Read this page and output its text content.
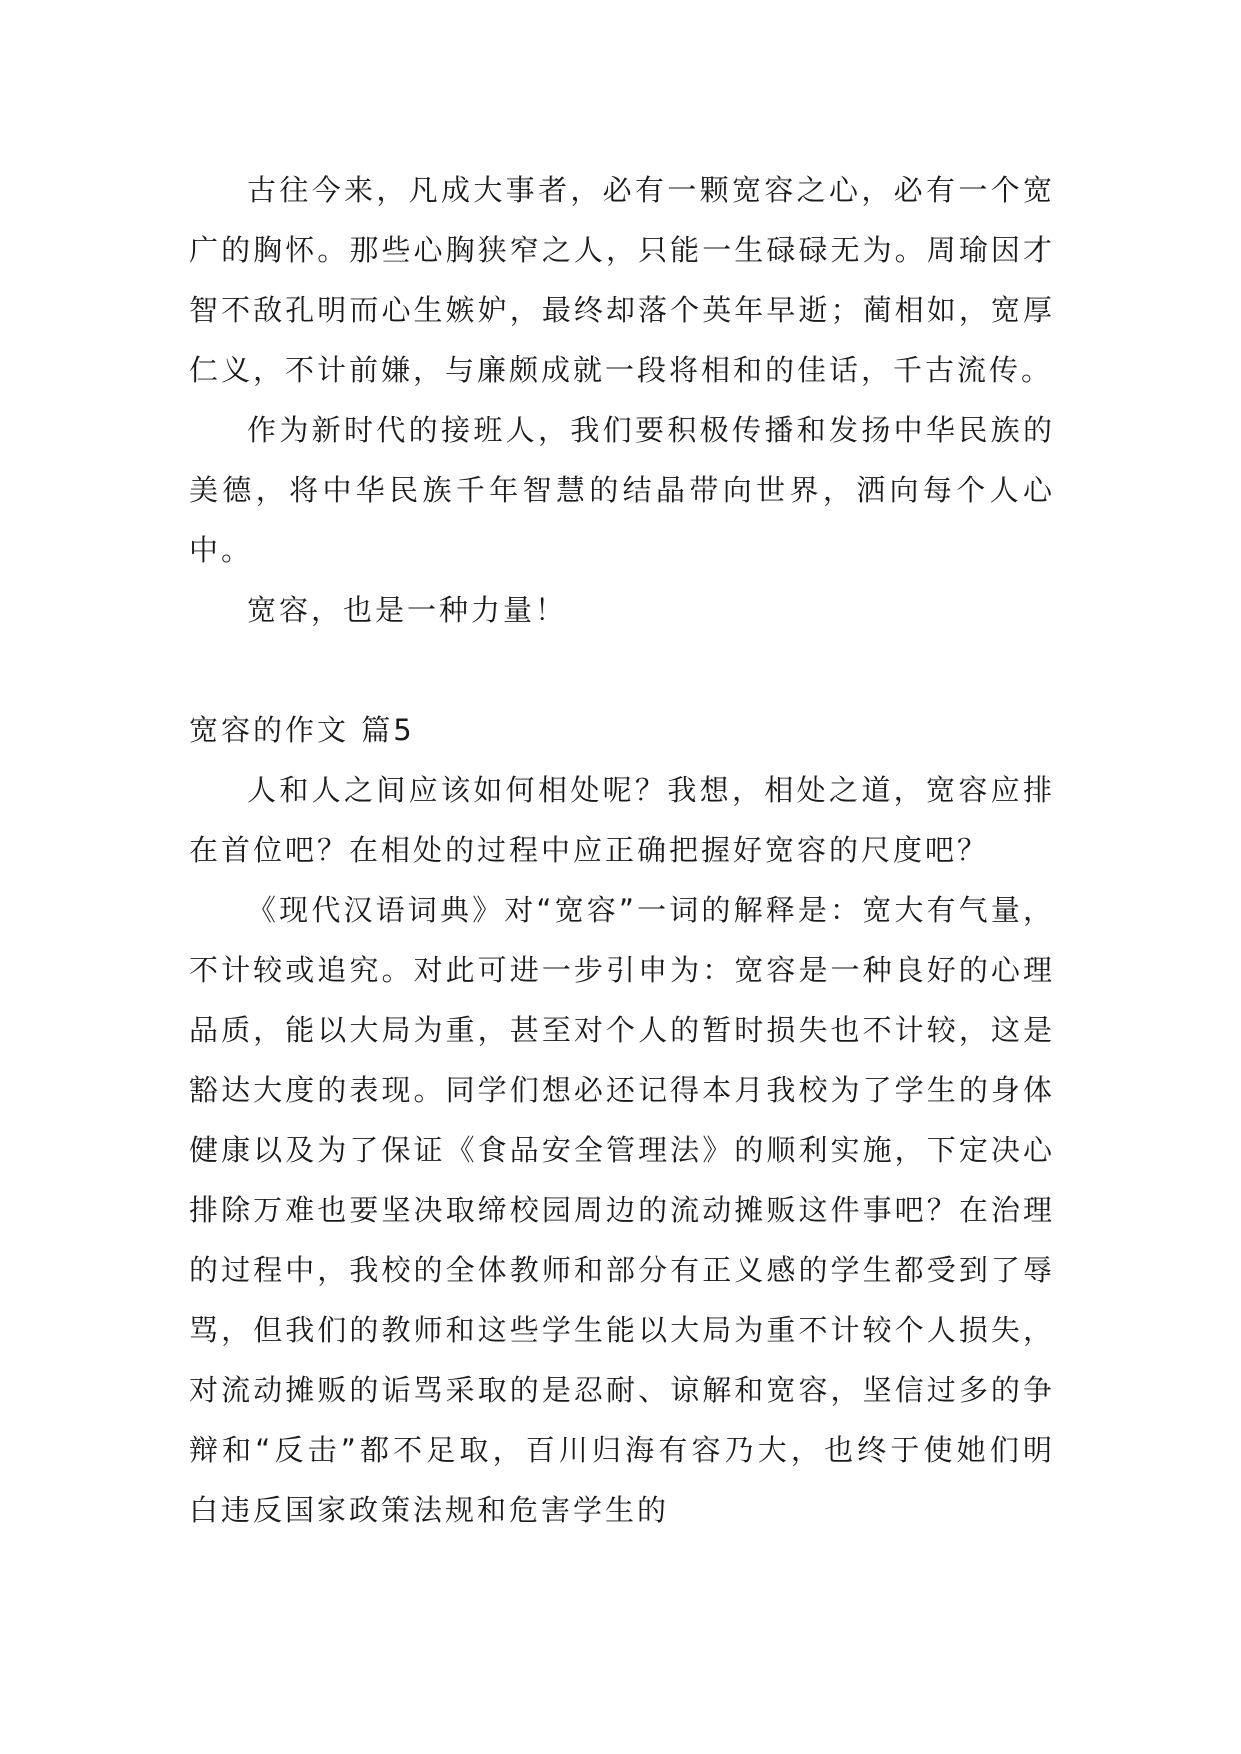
古往今来，凡成大事者，必有一颗宽容之心，必有一个宽广的胸怀。那些心胸狭窄之人，只能一生碌碌无为。周瑜因才智不敌孔明而心生嫉妒，最终却落个英年早逝；蔺相如，宽厚仁义，不计前嫌，与廉颇成就一段将相和的佳话，千古流传。

作为新时代的接班人，我们要积极传播和发扬中华民族的美德，将中华民族千年智慧的结晶带向世界，洒向每个人心中。

宽容，也是一种力量！

宽容的作文 篇5

人和人之间应该如何相处呢？我想，相处之道，宽容应排在首位吧？在相处的过程中应正确把握好宽容的尺度吧？

《现代汉语词典》对“宽容”一词的解释是：宽大有气量，不计较或追究。对此可进一步引申为：宽容是一种良好的心理品质，能以大局为重，甚至对个人的暂时损失也不计较，这是豁达大度的表现。同学们想必还记得本月我校为了学生的身体健康以及为了保证《食品安全管理法》的顺利实施，下定决心排除万难也要坚决取缔校园周边的流动摊贩这件事吧？在治理的过程中，我校的全体教师和部分有正义感的学生都受到了辱骂，但我们的教师和这些学生能以大局为重不计较个人损失，对流动摊贩的诟骂采取的是忍耐、谅解和宽容，坚信过多的争辩和“反击”都不足取，百川归海有容乃大，也终于使她们明白违反国家政策法规和危害学生的
